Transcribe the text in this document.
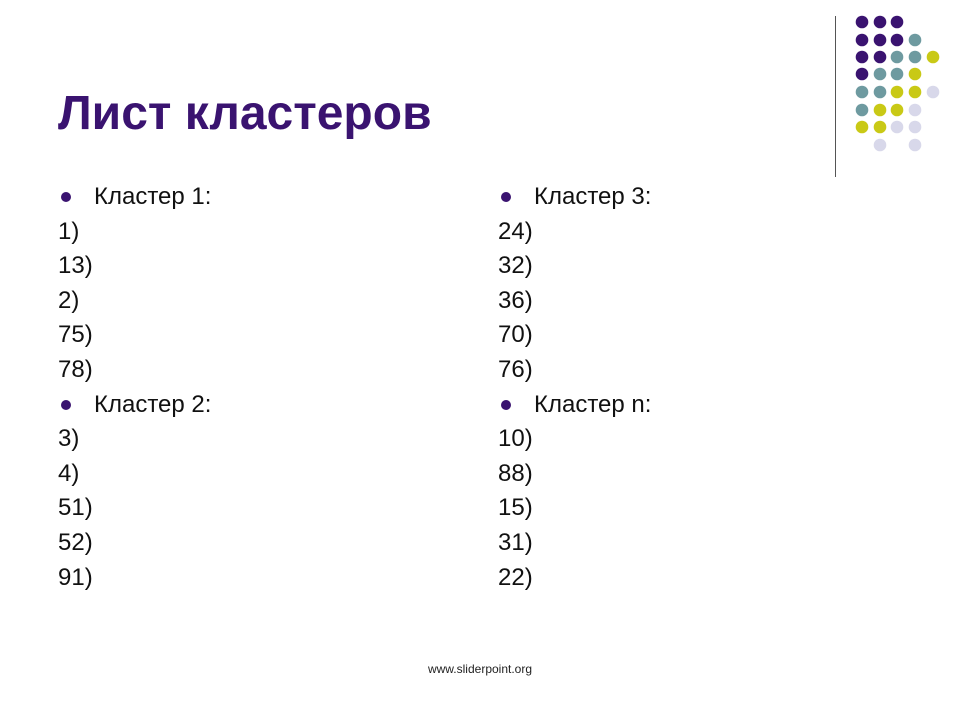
Лист кластеров
Кластер 1:
1)
13)
2)
75)
78)
Кластер 2:
3)
4)
51)
52)
91)
Кластер 3:
24)
32)
36)
70)
76)
Кластер n:
10)
88)
15)
31)
22)
www.sliderpoint.org
